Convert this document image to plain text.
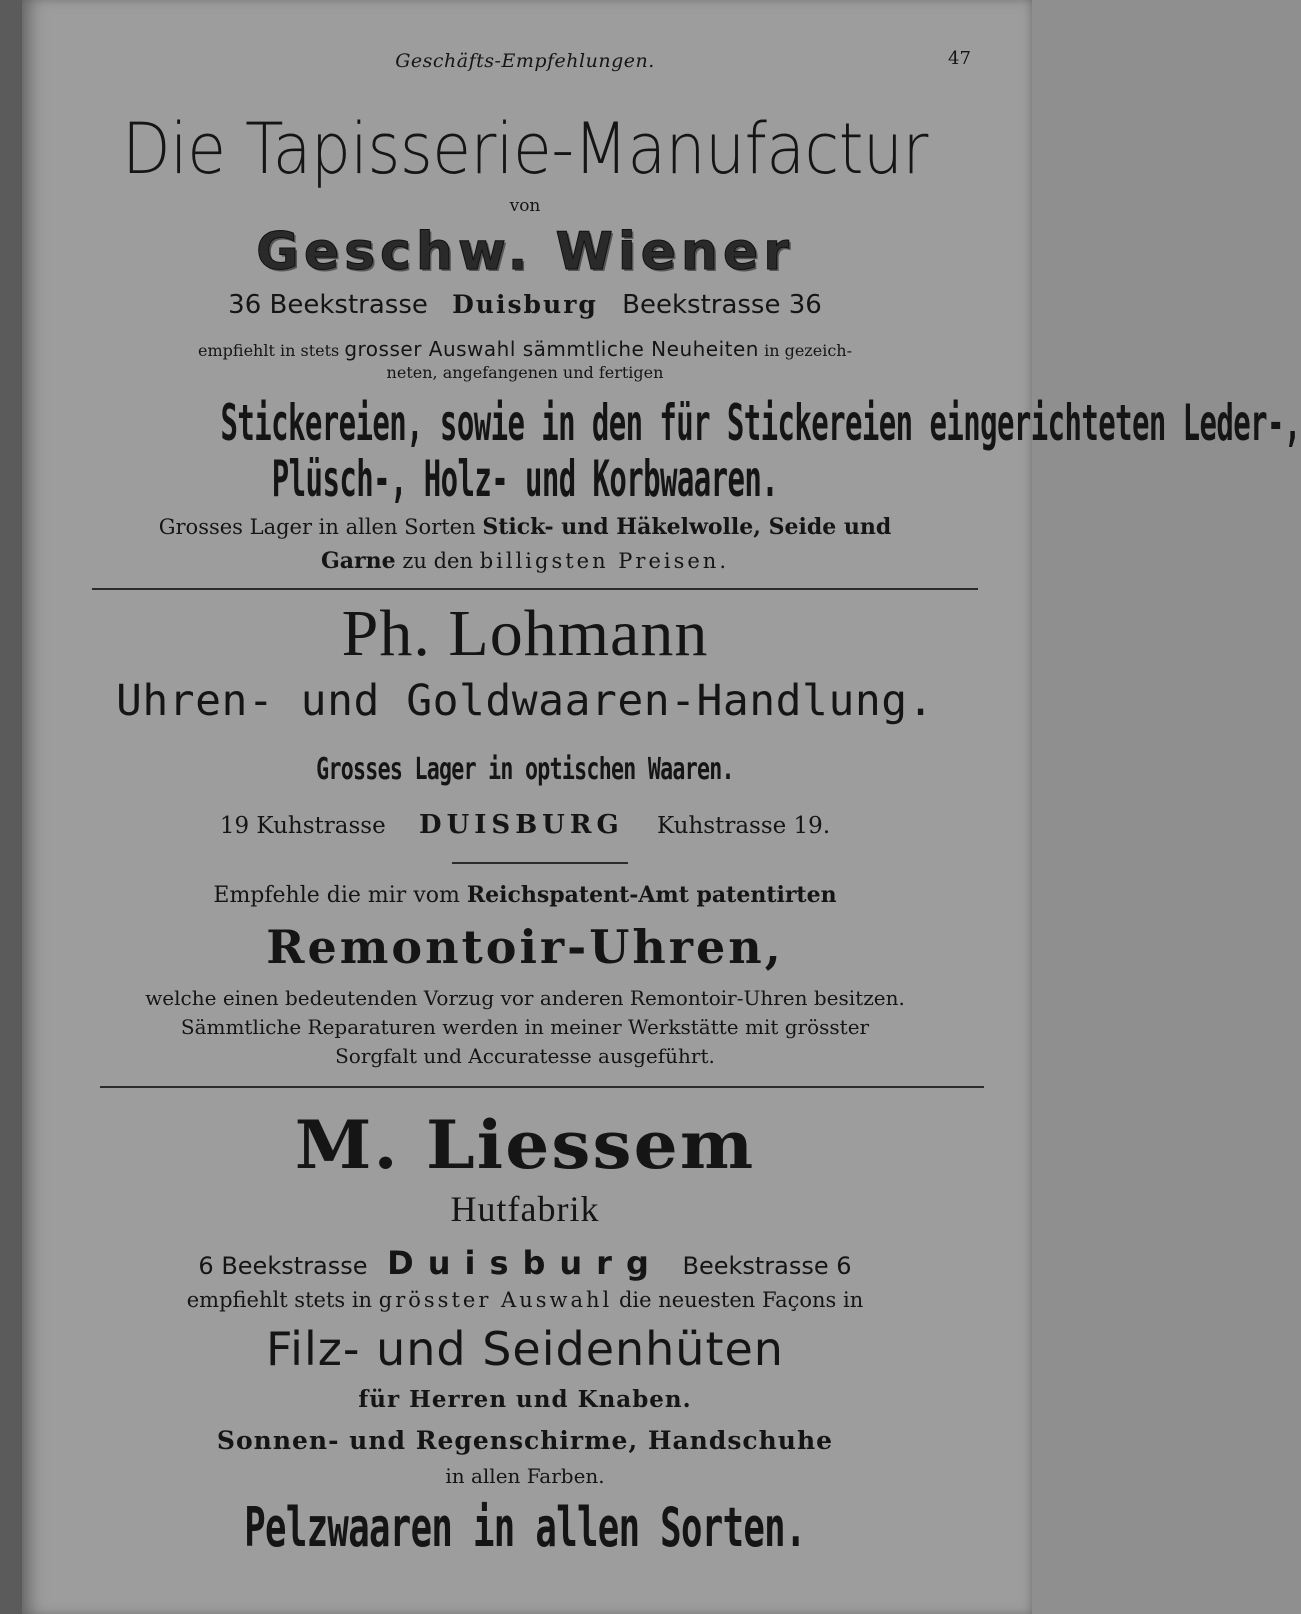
Geschäfts-Empfehlungen.	47
Die Tapisserie-Manufactur
von
Geschw. Wiener
36 Beekstrasse Duisburg Beekstrasse 36
empfiehlt in stets grosser Auswahl sämmtliche Neuheiten in gezeich-
neten, angefangenen und fertigen
Stickereien, sowie in den für Stickereien eingerichteten Leder-,
Plüsch-, Holz- und Korbwaaren.
Grosses Lager in allen Sorten Stick- und Häkelwolle, Seide und
Garne zu den billigsten Preisen.
Ph. Lohmann
Uhren- und Goldwaaren-Handlung.
Grosses Lager in optischen Waaren.
19 Kuhstrasse DUISBURG Kuhstrasse 19.
Empfehle die mir vom Reichspatent-Amt patentirten
Remontoir-Uhren,
welche einen bedeutenden Vorzug vor anderen Remontoir-Uhren besitzen.
Sämmtliche Reparaturen werden in meiner Werkstätte mit grösster
Sorgfalt und Accuratesse ausgeführt.
M. Liessem
Hutfabrik
6 Beekstrasse Duisburg Beekstrasse 6
empfiehlt stets in grösster Auswahl die neuesten Façons in
Filz- und Seidenhüten
für Herren und Knaben.
Sonnen- und Regenschirme, Handschuhe
in allen Farben.
Pelzwaaren in allen Sorten.
